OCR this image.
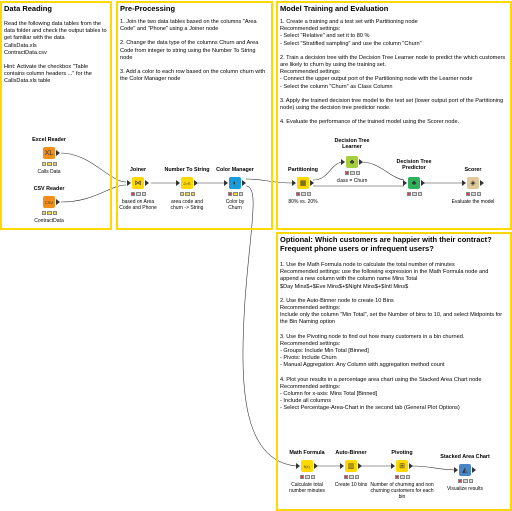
Data Reading
Read the following data tables from the data folder and check the output tables to get familiar with the data
CallsData.xls
ContractData.csv
Hint: Activate the checkbox "Table contains column headers ..." for the CallsData.xls table
Pre-Processing

1. Join the two data tables based on the columns "Area Code" and "Phone" using a Joiner node

2. Change the data type of the columns Churn and Area Code from integer to string using the Number To String node

3. Add a color to each row based on the column churn with the Color Manager node

Model Training and Evaluation
1. Create a training and a test set with Partitioning node
Recommended settings:
- Select "Relative" and set it to 80 %
- Select "Stratified sampling" and use the column "Churn"
2. Train a decision tree with the Decision Tree Learner node to predict the which customers are likely to churn by using the training set.
Recommended settings:
- Connect the upper output port of the Partitioning node with the Learner node
- Select the column "Churn" as Class Column
3. Apply the trained decision tree model to the test set (lower output port of the Partitioning node) using the decision tree predictor node.
4. Evaluate the performance of the trained model using the Scorer node.
Optional: Which customers are happier with their contract? Frequent phone users or infrequent users?
1. Use the Math Formula node to calculate the total number of minutes
Recommended settings: use the following expression in the Math Formula node and append a new column with the column name Mins Total
$Day Mins$+$Eve Mins$+$Night Mins$+$Intl Mins$
2. Use the Auto-Binner node to create 10 Bins
Recommended settings:
Include only the column "Min Total", set the Number of bins to 10, and select Midpoints for the Bin Naming option
3. Use the Pivoting node to find out how many customers in a bin churned.
Recommended settings:
- Groups: Include Min Total [Binned]
- Pivots: Include Churn
- Manual Aggregation: Any Column with aggregation method count
4. Plot your results in a percentage area chart using the Stacked Area Chart node
Recommended settings:
- Column for x-axis: Mins Total [Binned]
- Include all columns
- Select Percentage-Area-Chart in the second tab (General Plot Options)
Excel Reader
XL
Calls Data
CSV Reader
CSV
ContractData
Joiner
⋈
based on Area Code and Phone
Number To String
2>S
area code and churn -> String
Color Manager
◐
Color by Churn
Partitioning
▦
80% vs. 20%
Decision Tree Learner
♣
class = Churn
Decision Tree Predictor
♣
Scorer
◈
Evaluate the model
Math Formula
f(x)
Calculate total number minutes
Auto-Binner
▥
Create 10 bins
Pivoting
⊞
Number of churning and non churning customers for each bin
Stacked Area Chart
◭
Visualize results
